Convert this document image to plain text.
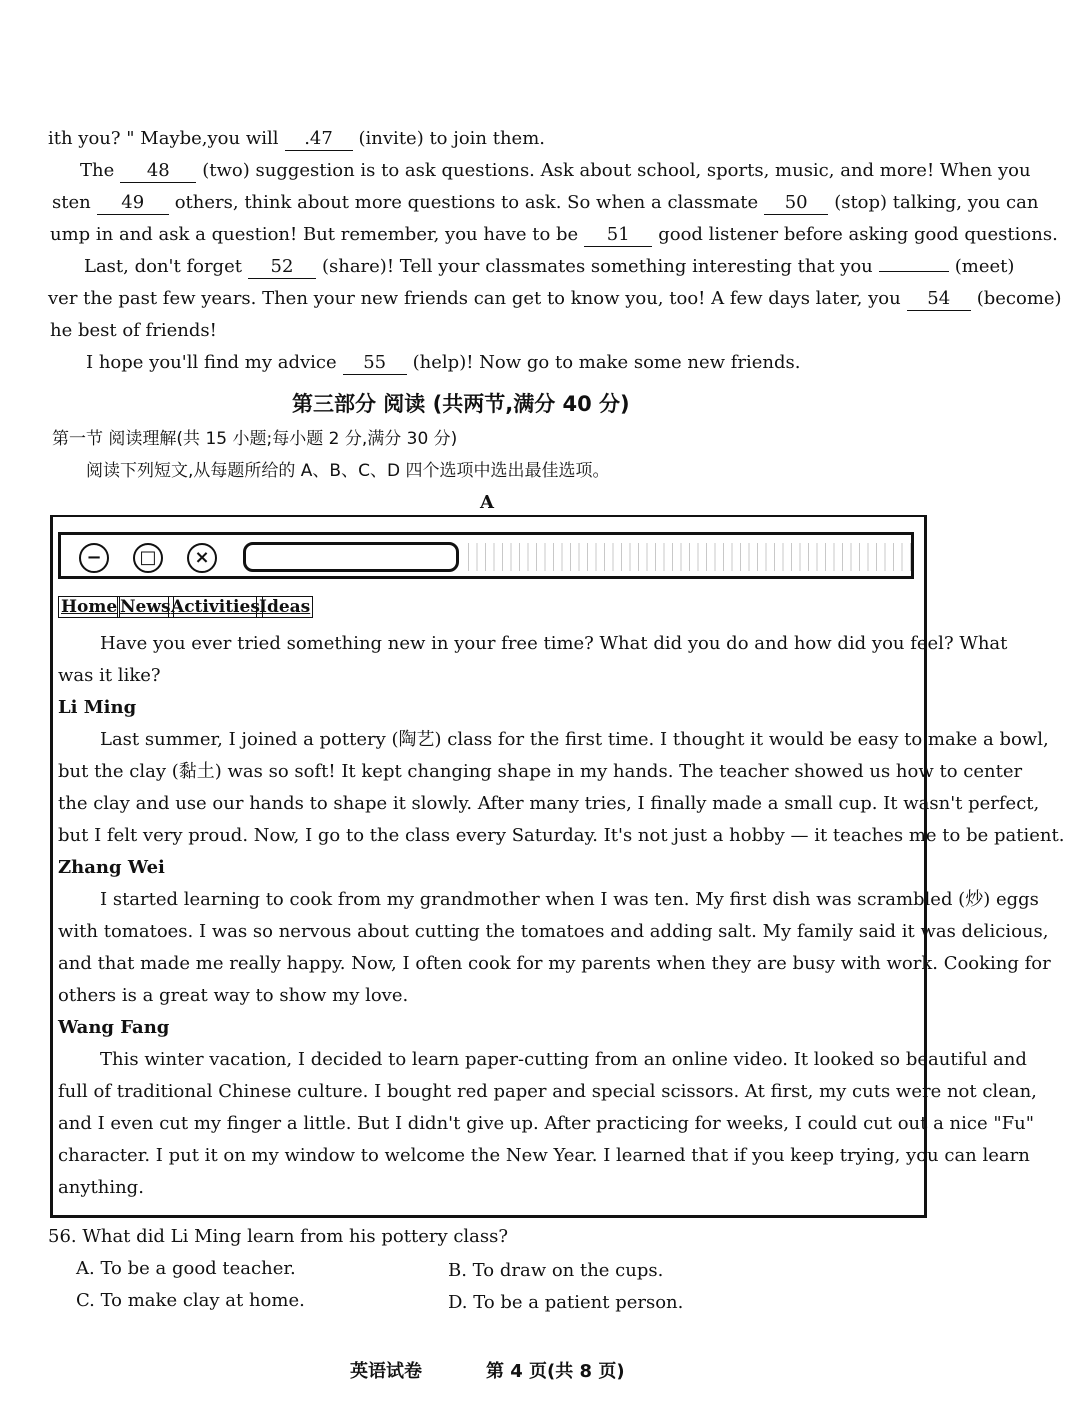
ith you? " Maybe,you will .47 (invite) to join them.
The 48 (two) suggestion is to ask questions. Ask about school, sports, music, and more! When you
sten 49 others, think about more questions to ask. So when a classmate 50 (stop) talking, you can
ump in and ask a question! But remember, you have to be 51 good listener before asking good questions.
Last, don't forget 52 (share)! Tell your classmates something interesting that you	(meet)
ver the past few years. Then your new friends can get to know you, too! A few days later, you 54 (become)
he best of friends!
I hope you'll find my advice 55 (help)! Now go to make some new friends.
第三部分 阅读 (共两节,满分 40 分)
第一节 阅读理解(共 15 小题;每小题 2 分,满分 30 分)
阅读下列短文,从每题所给的 A、B、C、D 四个选项中选出最佳选项。
A
−	□	×
Home News Activities Ideas
Have you ever tried something new in your free time? What did you do and how did you feel? What
was it like?
Li Ming
Last summer, I joined a pottery (陶艺) class for the first time. I thought it would be easy to make a bowl,
but the clay (黏土) was so soft! It kept changing shape in my hands. The teacher showed us how to center
the clay and use our hands to shape it slowly. After many tries, I finally made a small cup. It wasn't perfect,
but I felt very proud. Now, I go to the class every Saturday. It's not just a hobby — it teaches me to be patient.
Zhang Wei
I started learning to cook from my grandmother when I was ten. My first dish was scrambled (炒) eggs
with tomatoes. I was so nervous about cutting the tomatoes and adding salt. My family said it was delicious,
and that made me really happy. Now, I often cook for my parents when they are busy with work. Cooking for
others is a great way to show my love.
Wang Fang
This winter vacation, I decided to learn paper-cutting from an online video. It looked so beautiful and
full of traditional Chinese culture. I bought red paper and special scissors. At first, my cuts were not clean,
and I even cut my finger a little. But I didn't give up. After practicing for weeks, I could cut out a nice "Fu"
character. I put it on my window to welcome the New Year. I learned that if you keep trying, you can learn
anything.
56. What did Li Ming learn from his pottery class?
A. To be a good teacher.	B. To draw on the cups.
C. To make clay at home.	D. To be a patient person.
英语试卷	第 4 页(共 8 页)
